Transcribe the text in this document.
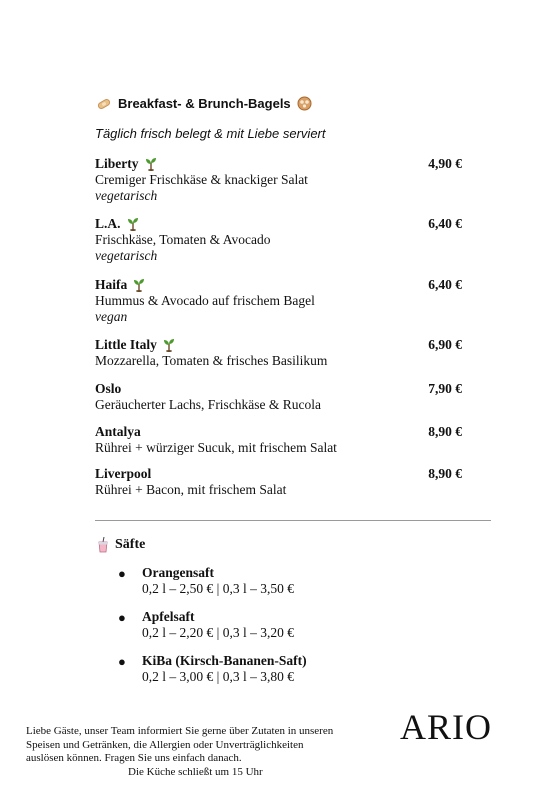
Breakfast- & Brunch-Bagels
Täglich frisch belegt & mit Liebe serviert
Liberty	4,90 €
Cremiger Frischkäse & knackiger Salat
vegetarisch
L.A.	6,40 €
Frischkäse, Tomaten & Avocado
vegetarisch
Haifa	6,40 €
Hummus & Avocado auf frischem Bagel
vegan
Little Italy	6,90 €
Mozzarella, Tomaten & frisches Basilikum
Oslo	7,90 €
Geräucherter Lachs, Frischkäse & Rucola
Antalya	8,90 €
Rührei + würziger Sucuk, mit frischem Salat
Liverpool	8,90 €
Rührei + Bacon, mit frischem Salat
Säfte
● Orangensaft
0,2 l – 2,50 € | 0,3 l – 3,50 €
● Apfelsaft
0,2 l – 2,20 € | 0,3 l – 3,20 €
● KiBa (Kirsch-Bananen-Saft)
0,2 l – 3,00 € | 0,3 l – 3,80 €
Liebe Gäste, unser Team informiert Sie gerne über Zutaten in unseren
Speisen und Getränken, die Allergien oder Unverträglichkeiten
auslösen können. Fragen Sie uns einfach danach.
Die Küche schließt um 15 Uhr
ARIO
